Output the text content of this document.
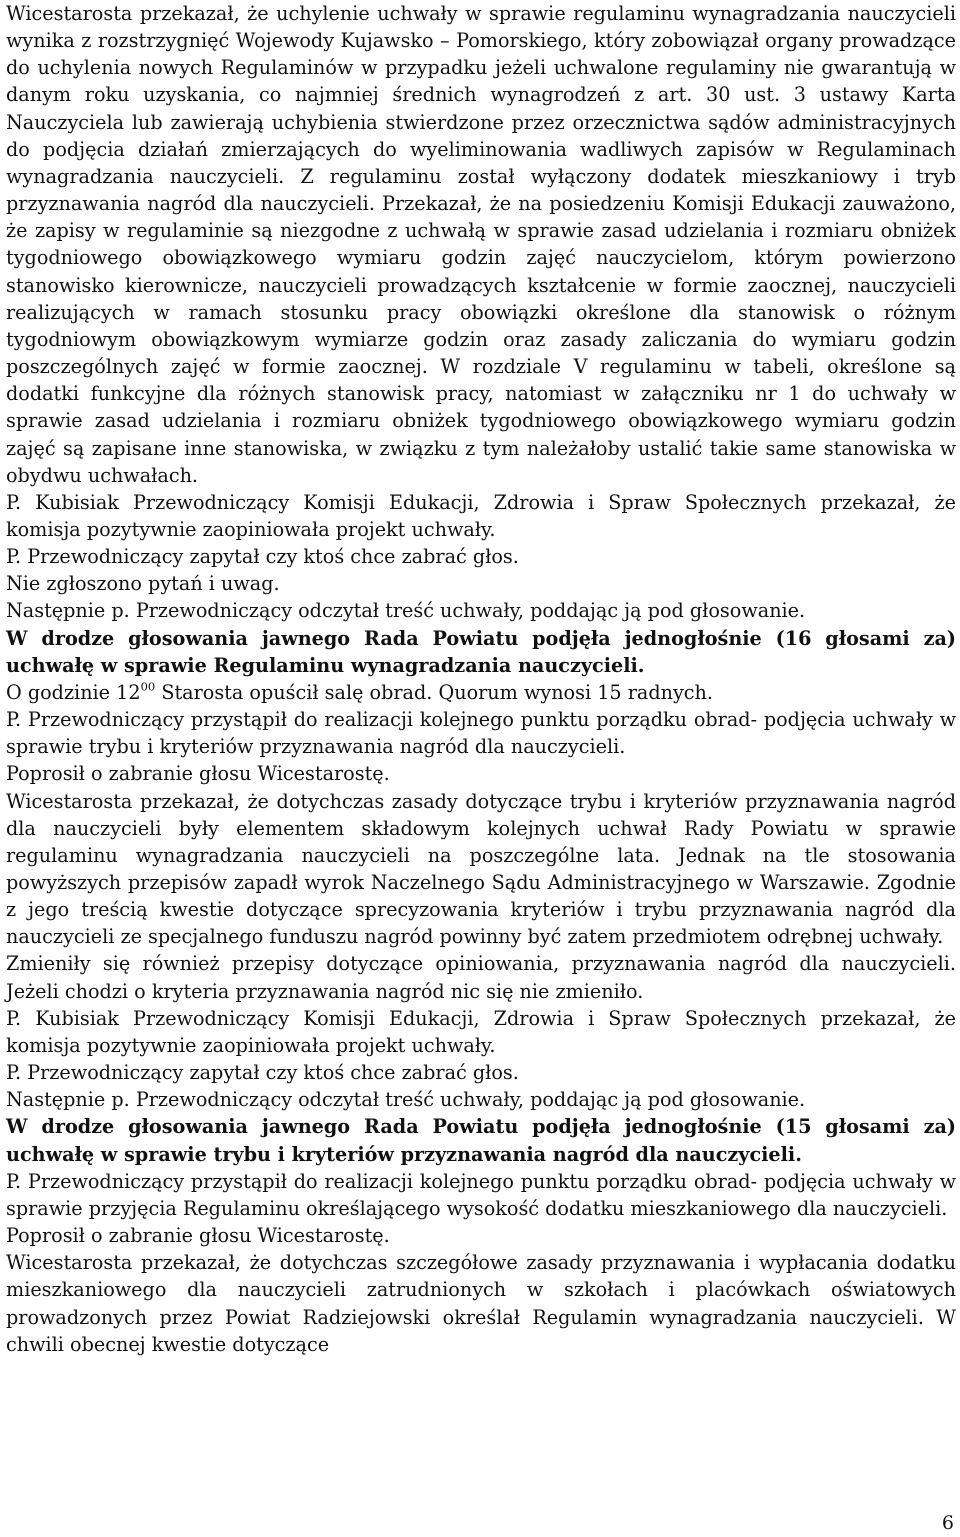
Wicestarosta przekazał, że uchylenie uchwały w sprawie regulaminu wynagradzania nauczycieli wynika z rozstrzygnięć Wojewody Kujawsko – Pomorskiego, który zobowiązał organy prowadzące do uchylenia nowych Regulaminów w przypadku jeżeli uchwalone regulaminy nie gwarantują w danym roku uzyskania, co najmniej średnich wynagrodzeń z art. 30 ust. 3 ustawy Karta Nauczyciela lub zawierają uchybienia stwierdzone przez orzecznictwa sądów administracyjnych do podjęcia działań zmierzających do wyeliminowania wadliwych zapisów w Regulaminach wynagradzania nauczycieli. Z regulaminu został wyłączony dodatek mieszkaniowy i tryb przyznawania nagród dla nauczycieli. Przekazał, że na posiedzeniu Komisji Edukacji zauważono, że zapisy w regulaminie są niezgodne z uchwałą w sprawie zasad udzielania i rozmiaru obniżek tygodniowego obowiązkowego wymiaru godzin zajęć nauczycielom, którym powierzono stanowisko kierownicze, nauczycieli prowadzących kształcenie w formie zaocznej, nauczycieli realizujących w ramach stosunku pracy obowiązki określone dla stanowisk o różnym tygodniowym obowiązkowym wymiarze godzin oraz zasady zaliczania do wymiaru godzin poszczególnych zajęć w formie zaocznej. W rozdziale V regulaminu w tabeli, określone są dodatki funkcyjne dla różnych stanowisk pracy, natomiast w załączniku nr 1 do uchwały w sprawie zasad udzielania i rozmiaru obniżek tygodniowego obowiązkowego wymiaru godzin zajęć są zapisane inne stanowiska, w związku z tym należałoby ustalić takie same stanowiska w obydwu uchwałach.

P. Kubisiak Przewodniczący Komisji Edukacji, Zdrowia i Spraw Społecznych przekazał, że komisja pozytywnie zaopiniowała projekt uchwały.

P. Przewodniczący zapytał czy ktoś chce zabrać głos.

Nie zgłoszono pytań i uwag.

Następnie p. Przewodniczący odczytał treść uchwały, poddając ją pod głosowanie.

W drodze głosowania jawnego Rada Powiatu podjęła jednogłośnie (16 głosami za) uchwałę w sprawie Regulaminu wynagradzania nauczycieli.

O godzinie $12^{00}$ Starosta opuścił salę obrad. Quorum wynosi 15 radnych.

P. Przewodniczący przystąpił do realizacji kolejnego punktu porządku obrad- podjęcia uchwały w sprawie trybu i kryteriów przyznawania nagród dla nauczycieli.

Poprosił o zabranie głosu Wicestarostę.

Wicestarosta przekazał, że dotychczas zasady dotyczące trybu i kryteriów przyznawania nagród dla nauczycieli były elementem składowym kolejnych uchwał Rady Powiatu w sprawie regulaminu wynagradzania nauczycieli na poszczególne lata. Jednak na tle stosowania powyższych przepisów zapadł wyrok Naczelnego Sądu Administracyjnego w Warszawie. Zgodnie z jego treścią kwestie dotyczące sprecyzowania kryteriów i trybu przyznawania nagród dla nauczycieli ze specjalnego funduszu nagród powinny być zatem przedmiotem odrębnej uchwały.

Zmieniły się również przepisy dotyczące opiniowania, przyznawania nagród dla nauczycieli. Jeżeli chodzi o kryteria przyznawania nagród nic się nie zmieniło.

P. Kubisiak Przewodniczący Komisji Edukacji, Zdrowia i Spraw Społecznych przekazał, że komisja pozytywnie zaopiniowała projekt uchwały.

P. Przewodniczący zapytał czy ktoś chce zabrać głos.

Następnie p. Przewodniczący odczytał treść uchwały, poddając ją pod głosowanie.

W drodze głosowania jawnego Rada Powiatu podjęła jednogłośnie (15 głosami za) uchwałę w sprawie trybu i kryteriów przyznawania nagród dla nauczycieli.

P. Przewodniczący przystąpił do realizacji kolejnego punktu porządku obrad- podjęcia uchwały w sprawie przyjęcia Regulaminu określającego wysokość dodatku mieszkaniowego dla nauczycieli.

Poprosił o zabranie głosu Wicestarostę.

Wicestarosta przekazał, że dotychczas szczegółowe zasady przyznawania i wypłacania dodatku mieszkaniowego dla nauczycieli zatrudnionych w szkołach i placówkach oświatowych prowadzonych przez Powiat Radziejowski określał Regulamin wynagradzania nauczycieli. W chwili obecnej kwestie dotyczące

6
